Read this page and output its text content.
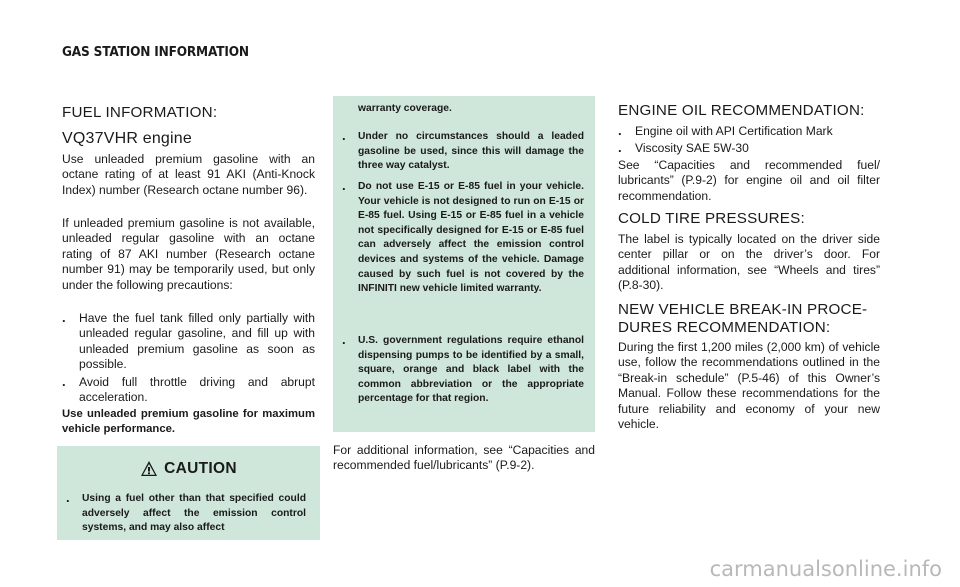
GAS STATION INFORMATION
FUEL INFORMATION:
VQ37VHR engine

Use unleaded premium gasoline with an octane rating of at least 91 AKI (Anti-Knock Index) number (Research octane number 96).

If unleaded premium gasoline is not available, unleaded regular gasoline with an octane rating of 87 AKI number (Research octane number 91) may be temporarily used, but only under the following precautions:

.	Have the fuel tank filled only partially with unleaded regular gasoline, and fill up with unleaded premium gasoline as soon as possible.
.	Avoid full throttle driving and abrupt acceleration.

Use unleaded premium gasoline for maximum vehicle performance.

CAUTION
.	Using a fuel other than that specified could adversely affect the emission control systems, and may also affect
warranty coverage.
.	Under no circumstances should a leaded gasoline be used, since this will damage the three way catalyst.
.	Do not use E-15 or E-85 fuel in your vehicle. Your vehicle is not designed to run on E-15 or E-85 fuel. Using E-15 or E-85 fuel in a vehicle not specifically designed for E-15 or E-85 fuel can adversely affect the emission control devices and systems of the vehicle. Damage caused by such fuel is not covered by the INFINITI new vehicle limited warranty.
.	U.S. government regulations require ethanol dispensing pumps to be identified by a small, square, orange and black label with the common abbreviation or the appropriate percentage for that region.

For additional information, see “Capacities and recommended fuel/lubricants” (P.9-2).

ENGINE OIL RECOMMENDATION:
.	Engine oil with API Certification Mark
.	Viscosity SAE 5W-30

See “Capacities and recommended fuel/ lubricants” (P.9-2) for engine oil and oil filter recommendation.

COLD TIRE PRESSURES:

The label is typically located on the driver side center pillar or on the driver’s door. For additional information, see “Wheels and tires” (P.8-30).

NEW VEHICLE BREAK-IN PROCE-
DURES RECOMMENDATION:

During the first 1,200 miles (2,000 km) of vehicle use, follow the recommendations outlined in the “Break-in schedule” (P.5-46) of this Owner’s Manual. Follow these recommendations for the future reliability and economy of your new vehicle.

carmanualsonline.info
